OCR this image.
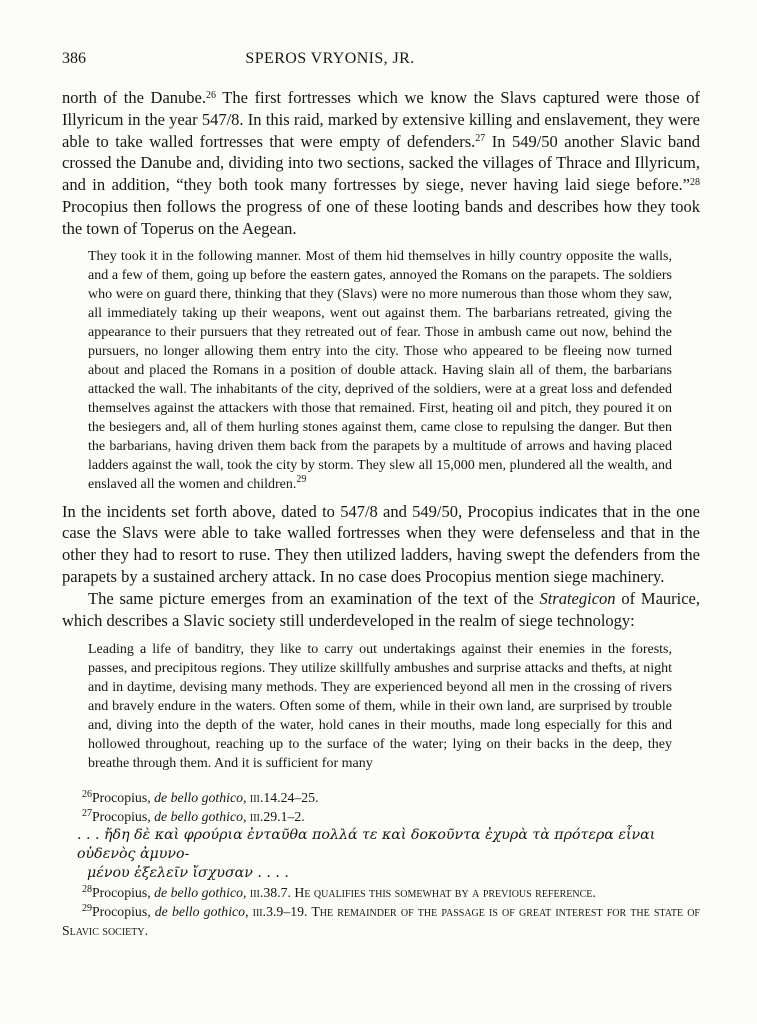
386	SPEROS VRYONIS, JR.

north of the Danube.$^{26}$ The first fortresses which we know the Slavs captured were those of Illyricum in the year 547/8. In this raid, marked by extensive killing and enslavement, they were able to take walled fortresses that were empty of defenders.$^{27}$ In 549/50 another Slavic band crossed the Danube and, dividing into two sections, sacked the villages of Thrace and Illyricum, and in addition, “they both took many fortresses by siege, never having laid siege before.”$^{28}$ Procopius then follows the progress of one of these looting bands and describes how they took the town of Toperus on the Aegean.

They took it in the following manner. Most of them hid themselves in hilly country opposite the walls, and a few of them, going up before the eastern gates, annoyed the Romans on the parapets. The soldiers who were on guard there, thinking that they (Slavs) were no more numerous than those whom they saw, all immediately taking up their weapons, went out against them. The barbarians retreated, giving the appearance to their pursuers that they retreated out of fear. Those in ambush came out now, behind the pursuers, no longer allowing them entry into the city. Those who appeared to be fleeing now turned about and placed the Romans in a position of double attack. Having slain all of them, the barbarians attacked the wall. The inhabitants of the city, deprived of the soldiers, were at a great loss and defended themselves against the attackers with those that remained. First, heating oil and pitch, they poured it on the besiegers and, all of them hurling stones against them, came close to repulsing the danger. But then the barbarians, having driven them back from the parapets by a multitude of arrows and having placed ladders against the wall, took the city by storm. They slew all 15,000 men, plundered all the wealth, and enslaved all the women and children.$^{29}$

In the incidents set forth above, dated to 547/8 and 549/50, Procopius indicates that in the one case the Slavs were able to take walled fortresses when they were defenseless and that in the other they had to resort to ruse. They then utilized ladders, having swept the defenders from the parapets by a sustained archery attack. In no case does Procopius mention siege machinery.

The same picture emerges from an examination of the text of the Strategicon of Maurice, which describes a Slavic society still underdeveloped in the realm of siege technology:

Leading a life of banditry, they like to carry out undertakings against their enemies in the forests, passes, and precipitous regions. They utilize skillfully ambushes and surprise attacks and thefts, at night and in daytime, devising many methods. They are experienced beyond all men in the crossing of rivers and bravely endure in the waters. Often some of them, while in their own land, are surprised by trouble and, diving into the depth of the water, hold canes in their mouths, made long especially for this and hollowed throughout, reaching up to the surface of the water; lying on their backs in the deep, they breathe through them. And it is sufficient for many

$^{26}$Procopius, de bello gothico, iii.14.24–25.

$^{27}$Procopius, de bello gothico, iii.29.1–2.

. . . ἤδη δὲ καὶ φρούρια ἐνταῦθα πολλά τε καὶ δοκοῦντα ἐχυρὰ τὰ πρότερα εἶναι οὐδενὸς ἀμυνο-

μένου ἐξελεῖν ἴσχυσαν . . . .

$^{28}$Procopius, de bello gothico, iii.38.7. He qualifies this somewhat by a previous reference.

$^{29}$Procopius, de bello gothico, iii.3.9–19. The remainder of the passage is of great interest for the state of Slavic society.
